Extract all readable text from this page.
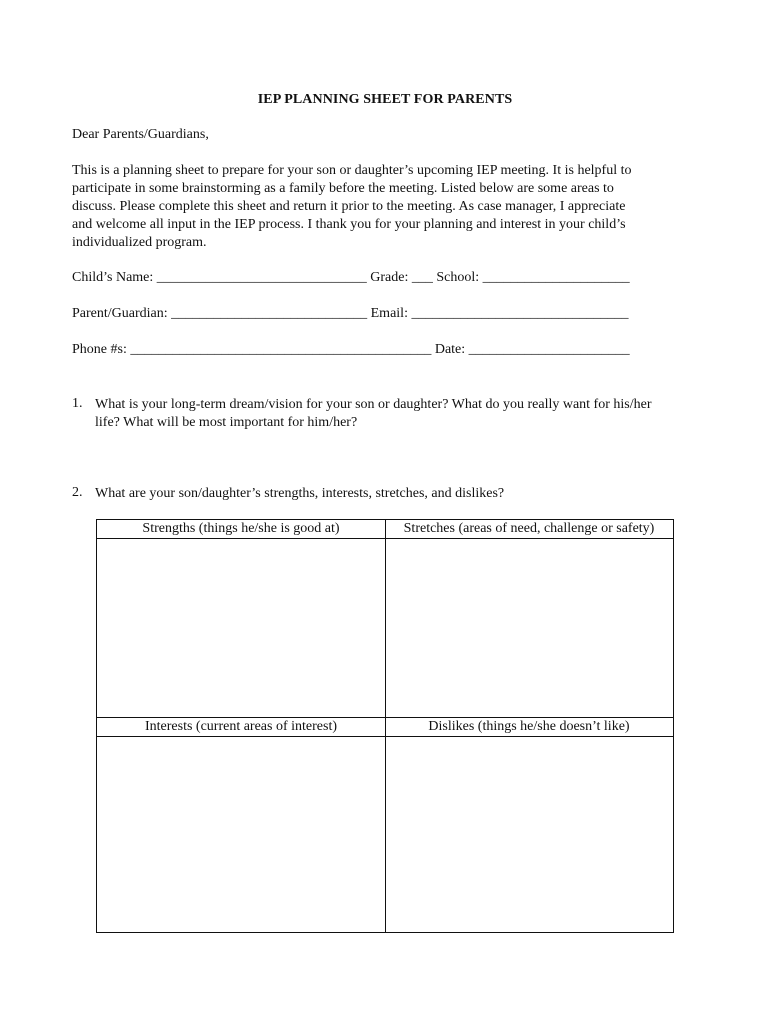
IEP PLANNING SHEET FOR PARENTS
Dear Parents/Guardians,
This is a planning sheet to prepare for your son or daughter’s upcoming IEP meeting. It is helpful to
participate in some brainstorming as a family before the meeting. Listed below are some areas to
discuss. Please complete this sheet and return it prior to the meeting. As case manager, I appreciate
and welcome all input in the IEP process. I thank you for your planning and interest in your child’s
individualized program.
Child’s Name: ______________________________ Grade: ___ School: _____________________
Parent/Guardian: ____________________________ Email: _______________________________
Phone #s: ___________________________________________ Date: _______________________
1. What is your long-term dream/vision for your son or daughter? What do you really want for his/her
life? What will be most important for him/her?
2. What are your son/daughter’s strengths, interests, stretches, and dislikes?
Strengths (things he/she is good at)	Stretches (areas of need, challenge or safety)
Interests (current areas of interest)	Dislikes (things he/she doesn’t like)
